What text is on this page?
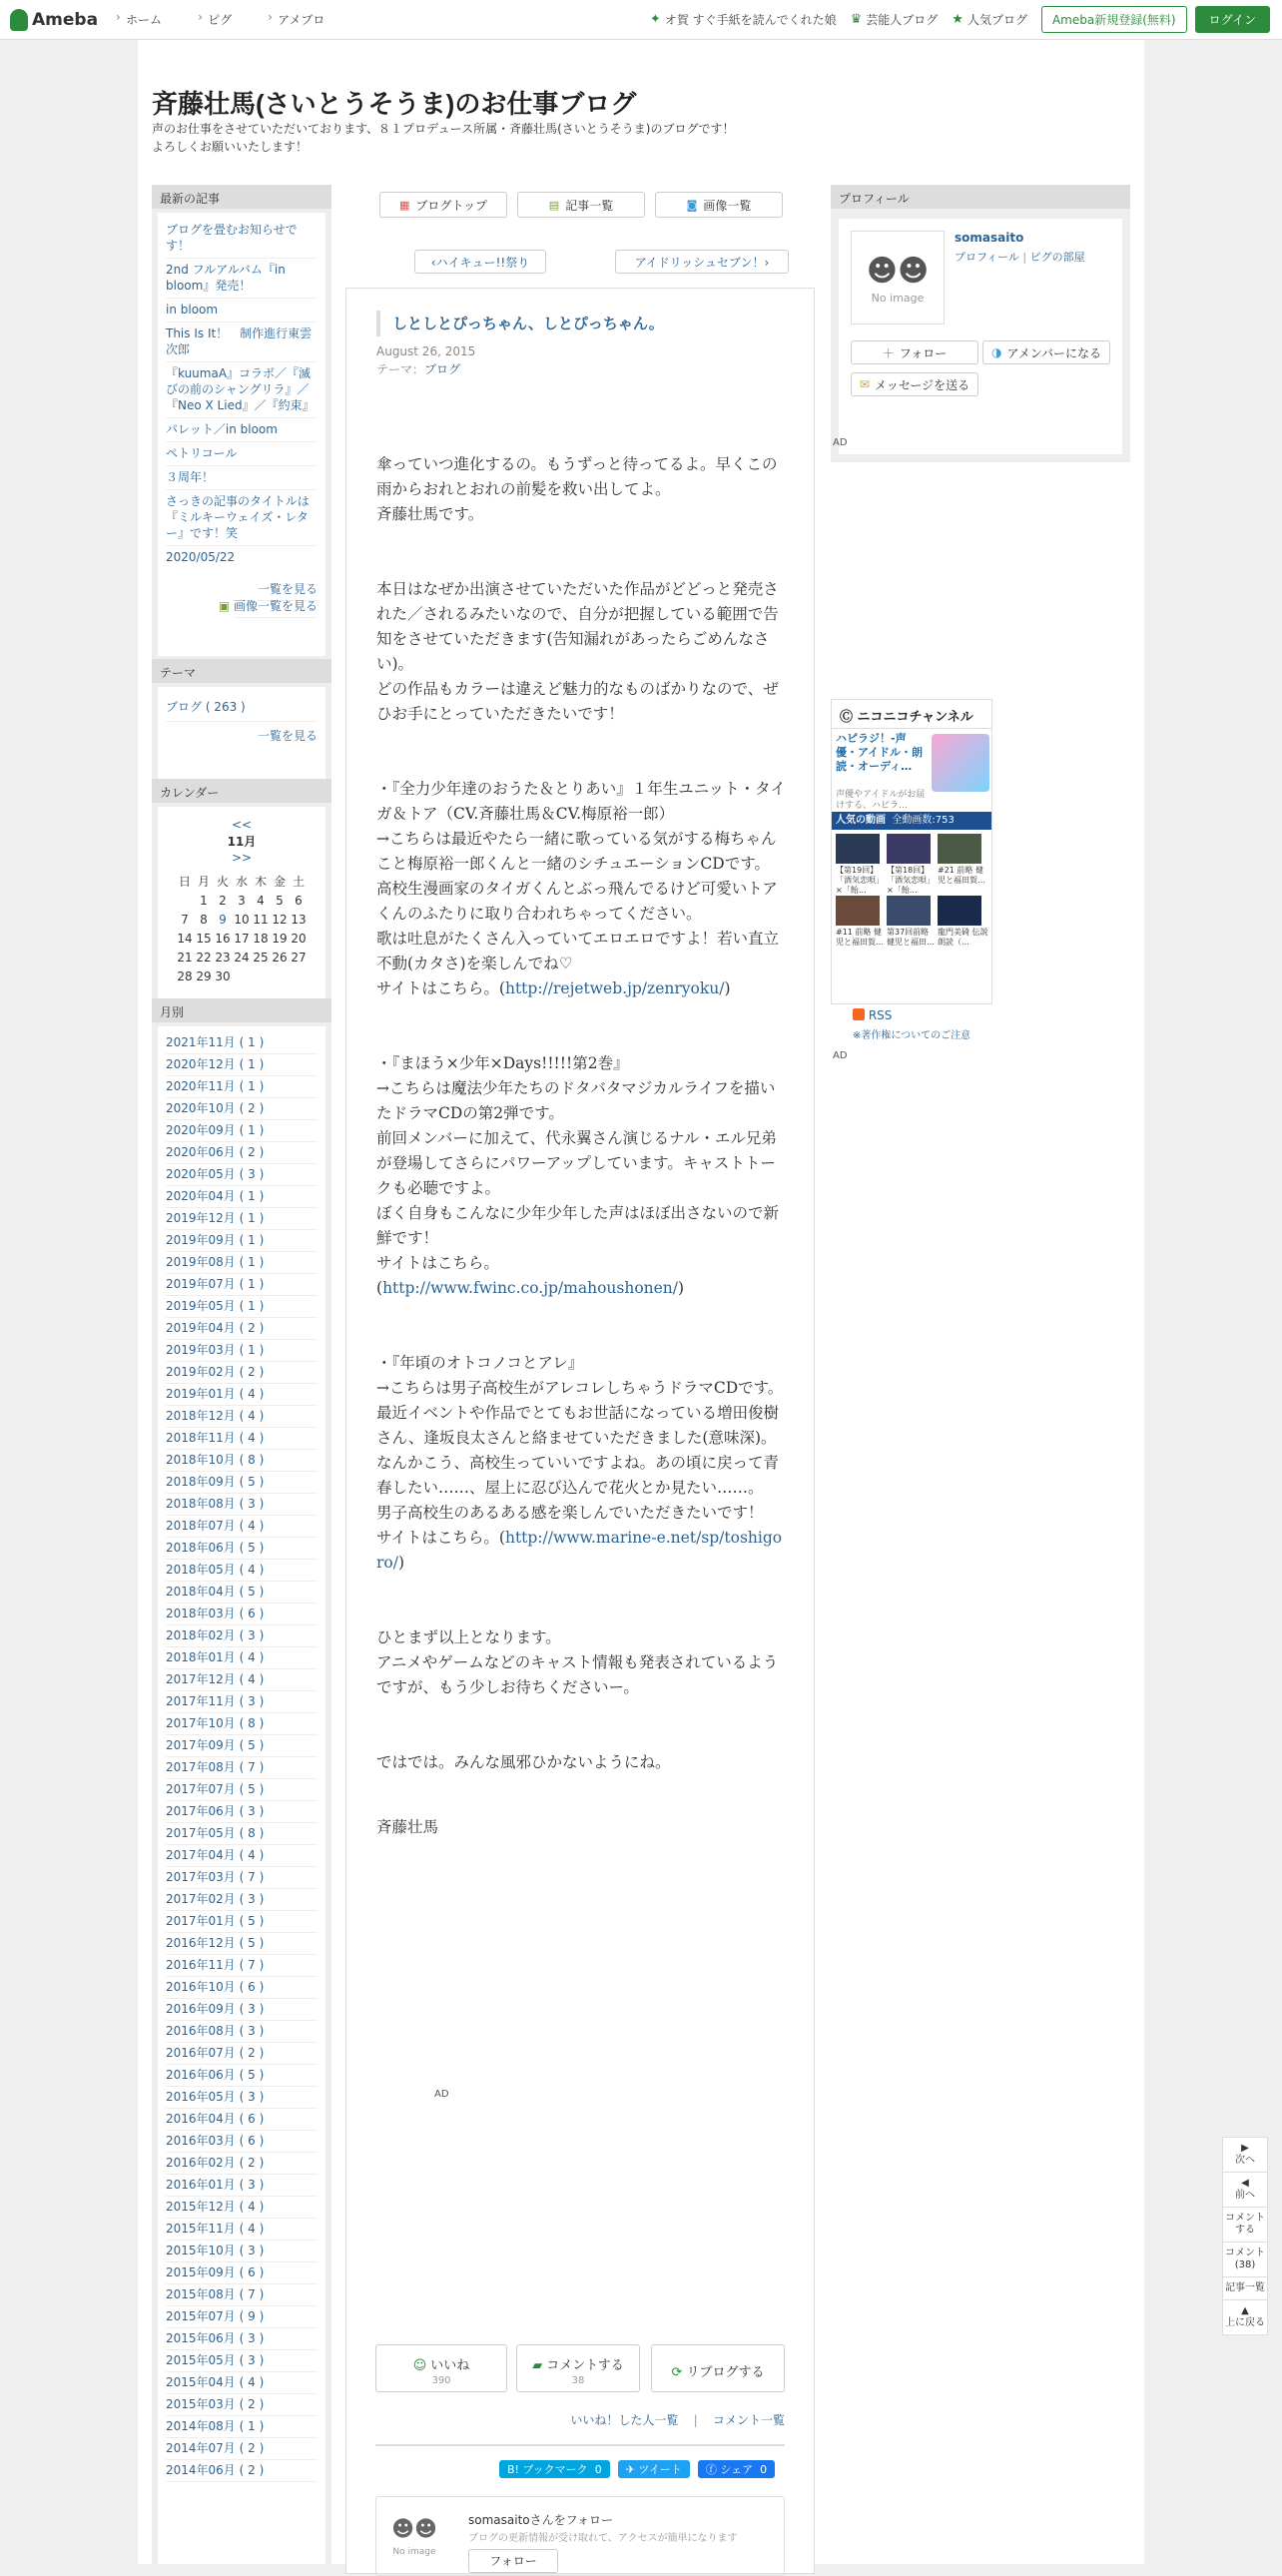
Ameba	› ホーム	› ピグ	› アメブロ	✦ オ賀 すぐ手紙を読んでくれた娘 ♛ 芸能人ブログ ★ 人気ブログ	Ameba新規登録(無料)	ログイン
斉藤壮馬(さいとうそうま)のお仕事ブログ
声のお仕事をさせていただいております、８１プロデュース所属・斉藤壮馬(さいとうそうま)のブログです！
よろしくお願いいたします！
最新の記事
ブログを畳むお知らせです！
2nd フルアルバム『in bloom』発売！
in bloom
This Is It！　制作進行東雲次郎
『kuumaA』コラボ／『滅びの前のシャングリラ』／『Neo X Lied』／『約束』
パレット／in bloom
ペトリコール
３周年！
さっきの記事のタイトルは『ミルキーウェイズ・レター』です！笑
2020/05/22
一覧を見る
▣ 画像一覧を見る
テーマ
ブログ ( 263 )
一覧を見る
カレンダー
<<
11月
>>
日	月	火	水	木	金	土
	1	2	3	4	5	6
7	8	9	10	11	12	13
14	15	16	17	18	19	20
21	22	23	24	25	26	27
28	29	30				
月別
2021年11月 ( 1 )
2020年12月 ( 1 )
2020年11月 ( 1 )
2020年10月 ( 2 )
2020年09月 ( 1 )
2020年06月 ( 2 )
2020年05月 ( 3 )
2020年04月 ( 1 )
2019年12月 ( 1 )
2019年09月 ( 1 )
2019年08月 ( 1 )
2019年07月 ( 1 )
2019年05月 ( 1 )
2019年04月 ( 2 )
2019年03月 ( 1 )
2019年02月 ( 2 )
2019年01月 ( 4 )
2018年12月 ( 4 )
2018年11月 ( 4 )
2018年10月 ( 8 )
2018年09月 ( 5 )
2018年08月 ( 3 )
2018年07月 ( 4 )
2018年06月 ( 5 )
2018年05月 ( 4 )
2018年04月 ( 5 )
2018年03月 ( 6 )
2018年02月 ( 3 )
2018年01月 ( 4 )
2017年12月 ( 4 )
2017年11月 ( 3 )
2017年10月 ( 8 )
2017年09月 ( 5 )
2017年08月 ( 7 )
2017年07月 ( 5 )
2017年06月 ( 3 )
2017年05月 ( 8 )
2017年04月 ( 4 )
2017年03月 ( 7 )
2017年02月 ( 3 )
2017年01月 ( 5 )
2016年12月 ( 5 )
2016年11月 ( 7 )
2016年10月 ( 6 )
2016年09月 ( 3 )
2016年08月 ( 3 )
2016年07月 ( 2 )
2016年06月 ( 5 )
2016年05月 ( 3 )
2016年04月 ( 6 )
2016年03月 ( 6 )
2016年02月 ( 2 )
2016年01月 ( 3 )
2015年12月 ( 4 )
2015年11月 ( 4 )
2015年10月 ( 3 )
2015年09月 ( 6 )
2015年08月 ( 7 )
2015年07月 ( 9 )
2015年06月 ( 3 )
2015年05月 ( 3 )
2015年04月 ( 4 )
2015年03月 ( 2 )
2014年08月 ( 1 )
2014年07月 ( 2 )
2014年06月 ( 2 )
▦ ブログトップ	▤ 記事一覧	◙ 画像一覧
‹ハイキュー!!祭り	アイドリッシュセブン！›
しとしとぴっちゃん、しとぴっちゃん。
August 26, 2015
テーマ：ブログ

傘っていつ進化するの。もうずっと待ってるよ。早くこの雨からおれとおれの前髪を救い出してよ。
斉藤壮馬です。

本日はなぜか出演させていただいた作品がどどっと発売された／されるみたいなので、自分が把握している範囲で告知をさせていただきます(告知漏れがあったらごめんなさい)。
どの作品もカラーは違えど魅力的なものばかりなので、ぜひお手にとっていただきたいです！

・『全力少年達のおうた＆とりあい』１年生ユニット・タイガ＆トア（CV.斉藤壮馬＆CV.梅原裕一郎）
→こちらは最近やたら一緒に歌っている気がする梅ちゃんこと梅原裕一郎くんと一緒のシチュエーションCDです。
高校生漫画家のタイガくんとぶっ飛んでるけど可愛いトアくんのふたりに取り合われちゃってください。
歌は吐息がたくさん入っていてエロエロですよ！若い直立不動(カタさ)を楽しんでね♡
サイトはこちら。(http://rejetweb.jp/zenryoku/)

・『まほう×少年×Days!!!!!第2巻』
→こちらは魔法少年たちのドタバタマジカルライフを描いたドラマCDの第2弾です。
前回メンバーに加えて、代永翼さん演じるナル・エル兄弟が登場してさらにパワーアップしています。キャストトークも必聴ですよ。
ぼく自身もこんなに少年少年した声はほぼ出さないので新鮮です！
サイトはこちら。
(http://www.fwinc.co.jp/mahoushonen/)

・『年頃のオトコノコとアレ』
→こちらは男子高校生がアレコレしちゃうドラマCDです。
最近イベントや作品でとてもお世話になっている増田俊樹さん、逢坂良太さんと絡ませていただきました(意味深)。
なんかこう、高校生っていいですよね。あの頃に戻って青春したい……、屋上に忍び込んで花火とか見たい……。
男子高校生のあるある感を楽しんでいただきたいです！
サイトはこちら。(http://www.marine-e.net/sp/toshigoro/)

ひとまず以上となります。
アニメやゲームなどのキャスト情報も発表されているようですが、もう少しお待ちくださいー。

ではでは。みんな風邪ひかないようにね。

斉藤壮馬

AD
☺ いいね
390
▰ コメントする
38
⟳ リブログする
いいね！した人一覧 | コメント一覧
B! ブックマーク
0 ✈
ツイート ⓕ
シェア
0
☻☻
No image
somasaitoさんをフォロー
ブログの更新情報が受け取れて、アクセスが簡単になります
フォロー
プロフィール
☻☻
No image
somasaito
プロフィール | ピグの部屋
＋ フォロー	◑ アメンバーになる
✉ メッセージを送る
AD
Ⓒ ニコニコチャンネル
ハピラジ！-声優・アイドル・朗読・オーディ…
声優やアイドルがお届けする、ハピラ…
人気の動画 全動画数:753
【第19回】「酒気恋唄」×「飴…
【第18回】「酒気恋唄」×「飴…
#21 前略 健児と福田賀…
#11 前略 健児と福田賀…
第37回前略 健児と福田…
龍門美碕 伝説　朗読（…
RSS
※著作権についてのご注意
AD
▶
次へ
◀
前へ
コメントする
コメント
(38)
記事一覧
▲
上に戻る
